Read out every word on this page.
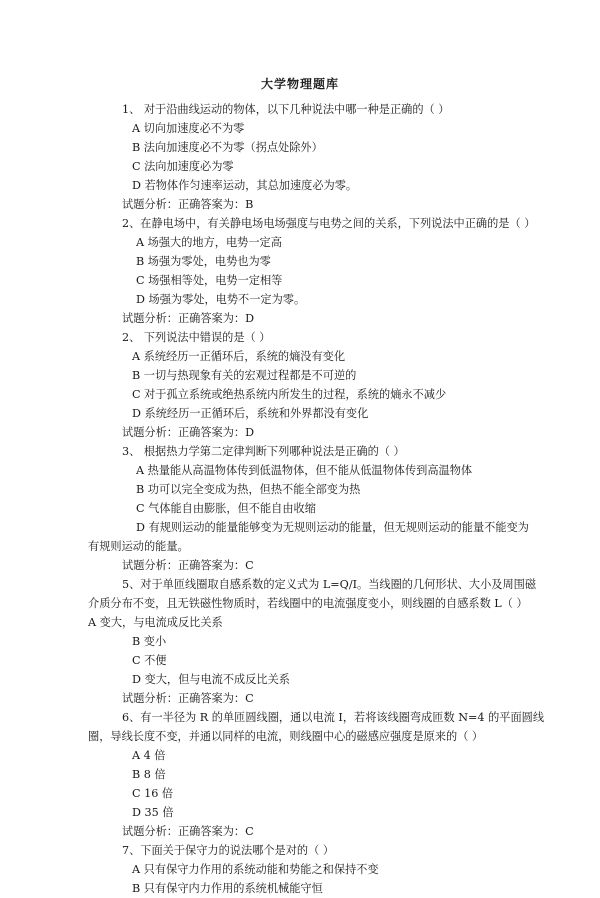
大学物理题库
1、 对于沿曲线运动的物体，以下几种说法中哪一种是正确的（ ）
A 切向加速度必不为零
B 法向加速度必不为零（拐点处除外）
C 法向加速度必为零
D 若物体作匀速率运动，其总加速度必为零。
试题分析：正确答案为：B
2、在静电场中，有关静电场电场强度与电势之间的关系，下列说法中正确的是（ ）
A 场强大的地方，电势一定高
B 场强为零处，电势也为零
C 场强相等处，电势一定相等
D 场强为零处，电势不一定为零。
试题分析：正确答案为：D
2、 下列说法中错误的是（ ）
A 系统经历一正循环后，系统的熵没有变化
B 一切与热现象有关的宏观过程都是不可逆的
C 对于孤立系统或绝热系统内所发生的过程，系统的熵永不减少
D 系统经历一正循环后，系统和外界都没有变化
试题分析：正确答案为：D
3、 根据热力学第二定律判断下列哪种说法是正确的（ ）
A 热量能从高温物体传到低温物体，但不能从低温物体传到高温物体
B 功可以完全变成为热，但热不能全部变为热
C 气体能自由膨胀，但不能自由收缩
D 有规则运动的能量能够变为无规则运动的能量，但无规则运动的能量不能变为
有规则运动的能量。
试题分析：正确答案为：C
5、对于单匝线圈取自感系数的定义式为 L=Q/I。当线圈的几何形状、大小及周围磁
介质分布不变，且无铁磁性物质时，若线圈中的电流强度变小，则线圈的自感系数 L（ ）
A 变大，与电流成反比关系
B 变小
C 不便
D 变大，但与电流不成反比关系
试题分析：正确答案为：C
6、有一半径为 R 的单匝圆线圈，通以电流 I，若将该线圈弯成匝数 N=4 的平面圆线
圈，导线长度不变，并通以同样的电流，则线圈中心的磁感应强度是原来的（ ）
A 4 倍
B 8 倍
C 16 倍
D 35 倍
试题分析：正确答案为：C
7、下面关于保守力的说法哪个是对的（ ）
A 只有保守力作用的系统动能和势能之和保持不变
B 只有保守内力作用的系统机械能守恒
